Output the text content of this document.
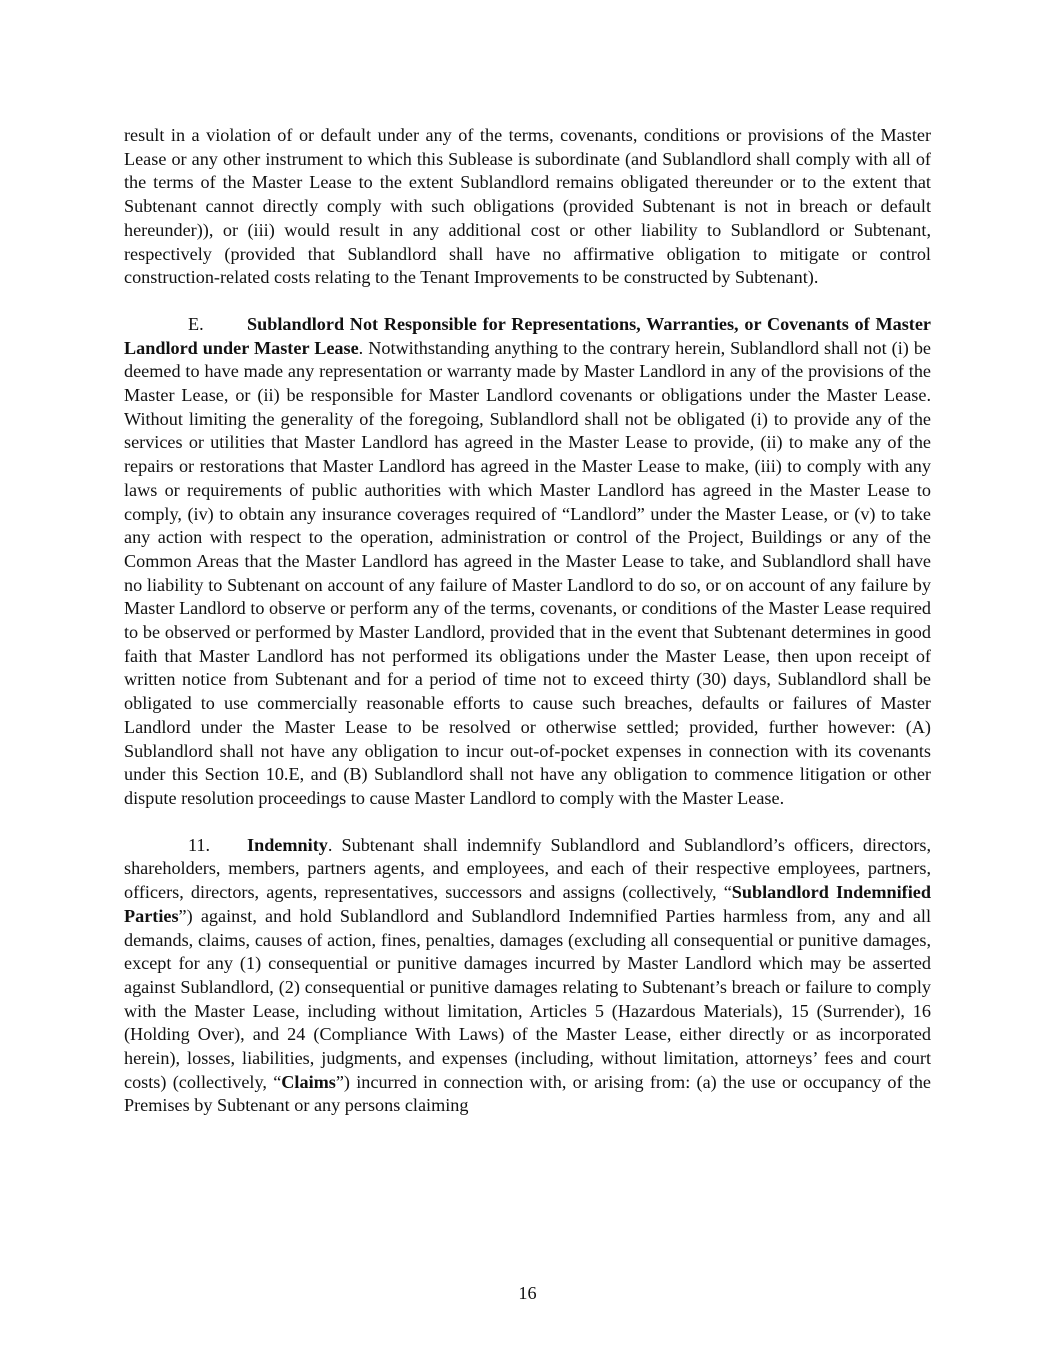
result in a violation of or default under any of the terms, covenants, conditions or provisions of the Master Lease or any other instrument to which this Sublease is subordinate (and Sublandlord shall comply with all of the terms of the Master Lease to the extent Sublandlord remains obligated thereunder or to the extent that Subtenant cannot directly comply with such obligations (provided Subtenant is not in breach or default hereunder)), or (iii) would result in any additional cost or other liability to Sublandlord or Subtenant, respectively (provided that Sublandlord shall have no affirmative obligation to mitigate or control construction-related costs relating to the Tenant Improvements to be constructed by Subtenant).

E. Sublandlord Not Responsible for Representations, Warranties, or Covenants of Master Landlord under Master Lease. Notwithstanding anything to the contrary herein, Sublandlord shall not (i) be deemed to have made any representation or warranty made by Master Landlord in any of the provisions of the Master Lease, or (ii) be responsible for Master Landlord covenants or obligations under the Master Lease. Without limiting the generality of the foregoing, Sublandlord shall not be obligated (i) to provide any of the services or utilities that Master Landlord has agreed in the Master Lease to provide, (ii) to make any of the repairs or restorations that Master Landlord has agreed in the Master Lease to make, (iii) to comply with any laws or requirements of public authorities with which Master Landlord has agreed in the Master Lease to comply, (iv) to obtain any insurance coverages required of “Landlord” under the Master Lease, or (v) to take any action with respect to the operation, administration or control of the Project, Buildings or any of the Common Areas that the Master Landlord has agreed in the Master Lease to take, and Sublandlord shall have no liability to Subtenant on account of any failure of Master Landlord to do so, or on account of any failure by Master Landlord to observe or perform any of the terms, covenants, or conditions of the Master Lease required to be observed or performed by Master Landlord, provided that in the event that Subtenant determines in good faith that Master Landlord has not performed its obligations under the Master Lease, then upon receipt of written notice from Subtenant and for a period of time not to exceed thirty (30) days, Sublandlord shall be obligated to use commercially reasonable efforts to cause such breaches, defaults or failures of Master Landlord under the Master Lease to be resolved or otherwise settled; provided, further however: (A) Sublandlord shall not have any obligation to incur out-of-pocket expenses in connection with its covenants under this Section 10.E, and (B) Sublandlord shall not have any obligation to commence litigation or other dispute resolution proceedings to cause Master Landlord to comply with the Master Lease.

11. Indemnity. Subtenant shall indemnify Sublandlord and Sublandlord’s officers, directors, shareholders, members, partners agents, and employees, and each of their respective employees, partners, officers, directors, agents, representatives, successors and assigns (collectively, “Sublandlord Indemnified Parties”) against, and hold Sublandlord and Sublandlord Indemnified Parties harmless from, any and all demands, claims, causes of action, fines, penalties, damages (excluding all consequential or punitive damages, except for any (1) consequential or punitive damages incurred by Master Landlord which may be asserted against Sublandlord, (2) consequential or punitive damages relating to Subtenant’s breach or failure to comply with the Master Lease, including without limitation, Articles 5 (Hazardous Materials), 15 (Surrender), 16 (Holding Over), and 24 (Compliance With Laws) of the Master Lease, either directly or as incorporated herein), losses, liabilities, judgments, and expenses (including, without limitation, attorneys’ fees and court costs) (collectively, “Claims”) incurred in connection with, or arising from: (a) the use or occupancy of the Premises by Subtenant or any persons claiming

16
